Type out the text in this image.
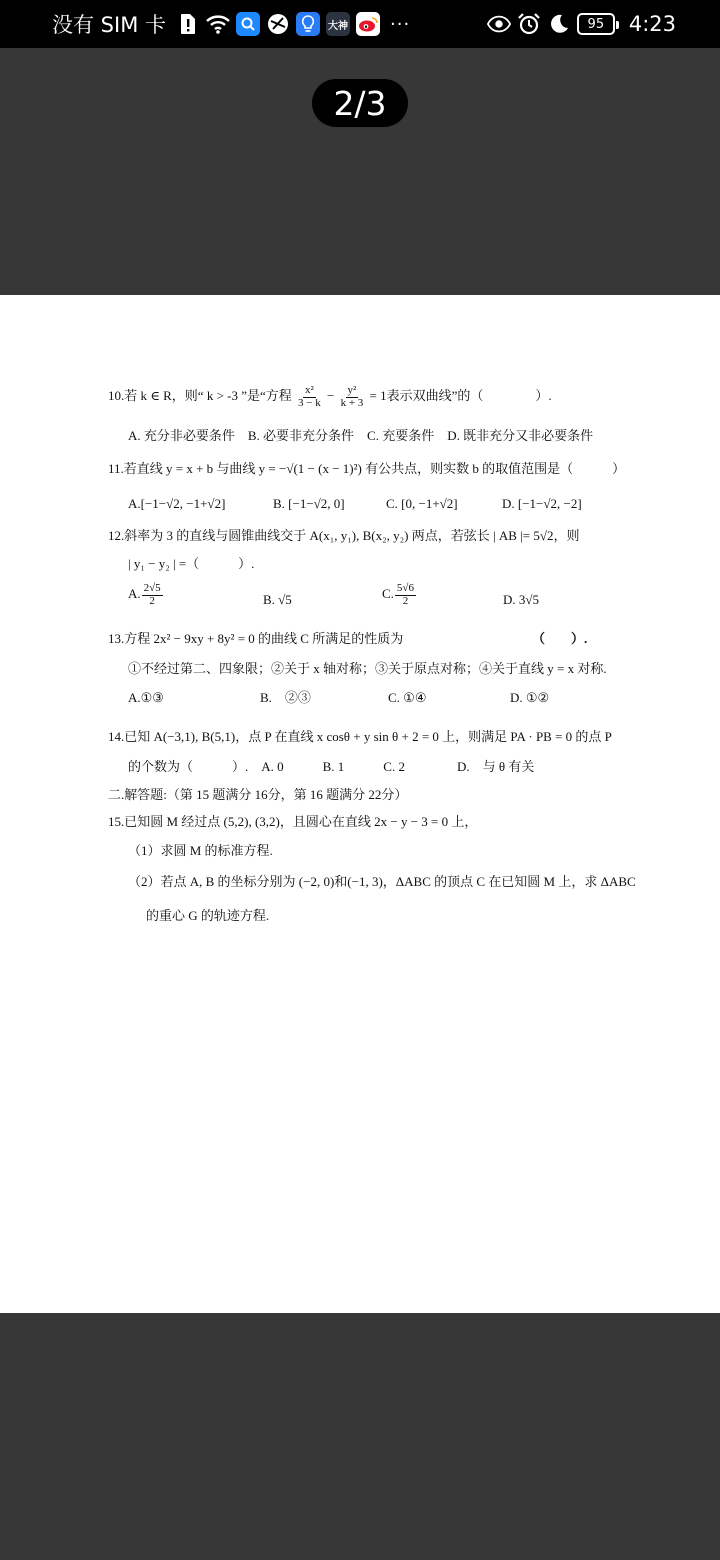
没有 SIM 卡	大神 ···	95	4:23
2/3
10.若 k ∈ R，则“ k > -3 ”是“方程 $\frac{\text{x²}}{3 - k} - \frac{\text{y²}}{k + 3} = 1$表示双曲线”的（　　　　）.
A. 充分非必要条件　B. 必要非充分条件　C. 充要条件　D. 既非充分又非必要条件
11.若直线 y = x + b 与曲线 y = −√(1 − (x − 1)²) 有公共点，则实数 b 的取值范围是（　　　）
A.[−1−√2, −1+√2]	B. [−1−√2, 0]	C. [0, −1+√2]	D. [−1−√2, −2]
12.斜率为 3 的直线与圆锥曲线交于 A(x₁, y₁), B(x₂, y₂) 两点，若弦长 | AB |= 5√2，则
| y₁ − y₂ | =（　　　）.
A. $\frac{2√5}{2}$	B. √5	C. $\frac{5√6}{2}$	D. 3√5
13.方程 2x² − 9xy + 8y² = 0 的曲线 C 所满足的性质为	（　　）.
①不经过第二、四象限；②关于 x 轴对称；③关于原点对称；④关于直线 y = x 对称.
A.①③	B.　②③	C. ①④	D. ①②
14.已知 A(−3,1), B(5,1)，点 P 在直线 x cosθ + y sin θ + 2 = 0 上，则满足 PA · PB = 0 的点 P
的个数为（　　　）.　A. 0　　　B. 1　　　C. 2　　　　D.　与 θ 有关
二.解答题:（第 15 题满分 16分，第 16 题满分 22分）
15.已知圆 M 经过点 (5,2), (3,2)，且圆心在直线 2x − y − 3 = 0 上，
（1）求圆 M 的标准方程.
（2）若点 A, B 的坐标分别为 (−2, 0)和(−1, 3)，ΔABC 的顶点 C 在已知圆 M 上，求 ΔABC
的重心 G 的轨迹方程.
